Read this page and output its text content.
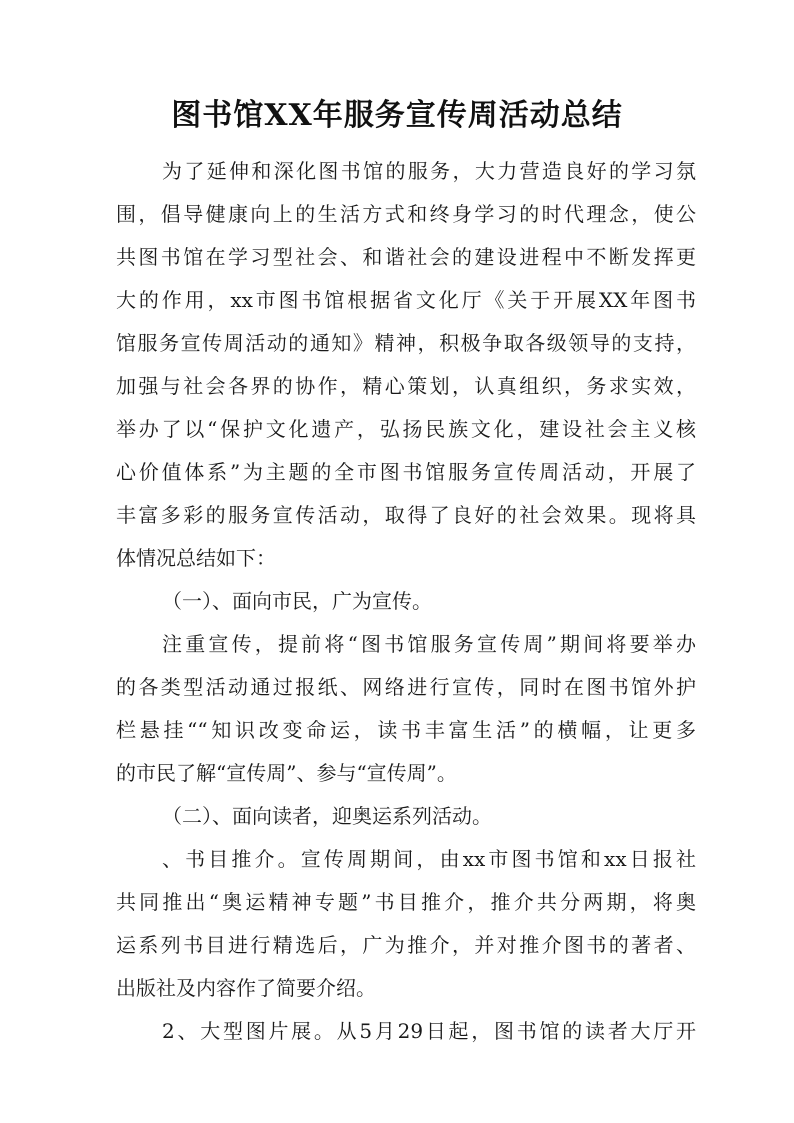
图书馆XX年服务宣传周活动总结
为了延伸和深化图书馆的服务，大力营造良好的学习氛
围，倡导健康向上的生活方式和终身学习的时代理念，使公
共图书馆在学习型社会、和谐社会的建设进程中不断发挥更
大的作用，xx市图书馆根据省文化厅《关于开展XX年图书
馆服务宣传周活动的通知》精神，积极争取各级领导的支持，
加强与社会各界的协作，精心策划，认真组织，务求实效，
举办了以“保护文化遗产，弘扬民族文化，建设社会主义核
心价值体系”为主题的全市图书馆服务宣传周活动，开展了
丰富多彩的服务宣传活动，取得了良好的社会效果。现将具
体情况总结如下：
（一）、面向市民，广为宣传。
注重宣传，提前将“图书馆服务宣传周”期间将要举办
的各类型活动通过报纸、网络进行宣传，同时在图书馆外护
栏悬挂““知识改变命运，读书丰富生活”的横幅，让更多
的市民了解“宣传周”、参与“宣传周”。
（二）、面向读者，迎奥运系列活动。
、书目推介。宣传周期间，由xx市图书馆和xx日报社
共同推出“奥运精神专题”书目推介，推介共分两期，将奥
运系列书目进行精选后，广为推介，并对推介图书的著者、
出版社及内容作了简要介绍。
2、大型图片展。从5月29日起，图书馆的读者大厅开
